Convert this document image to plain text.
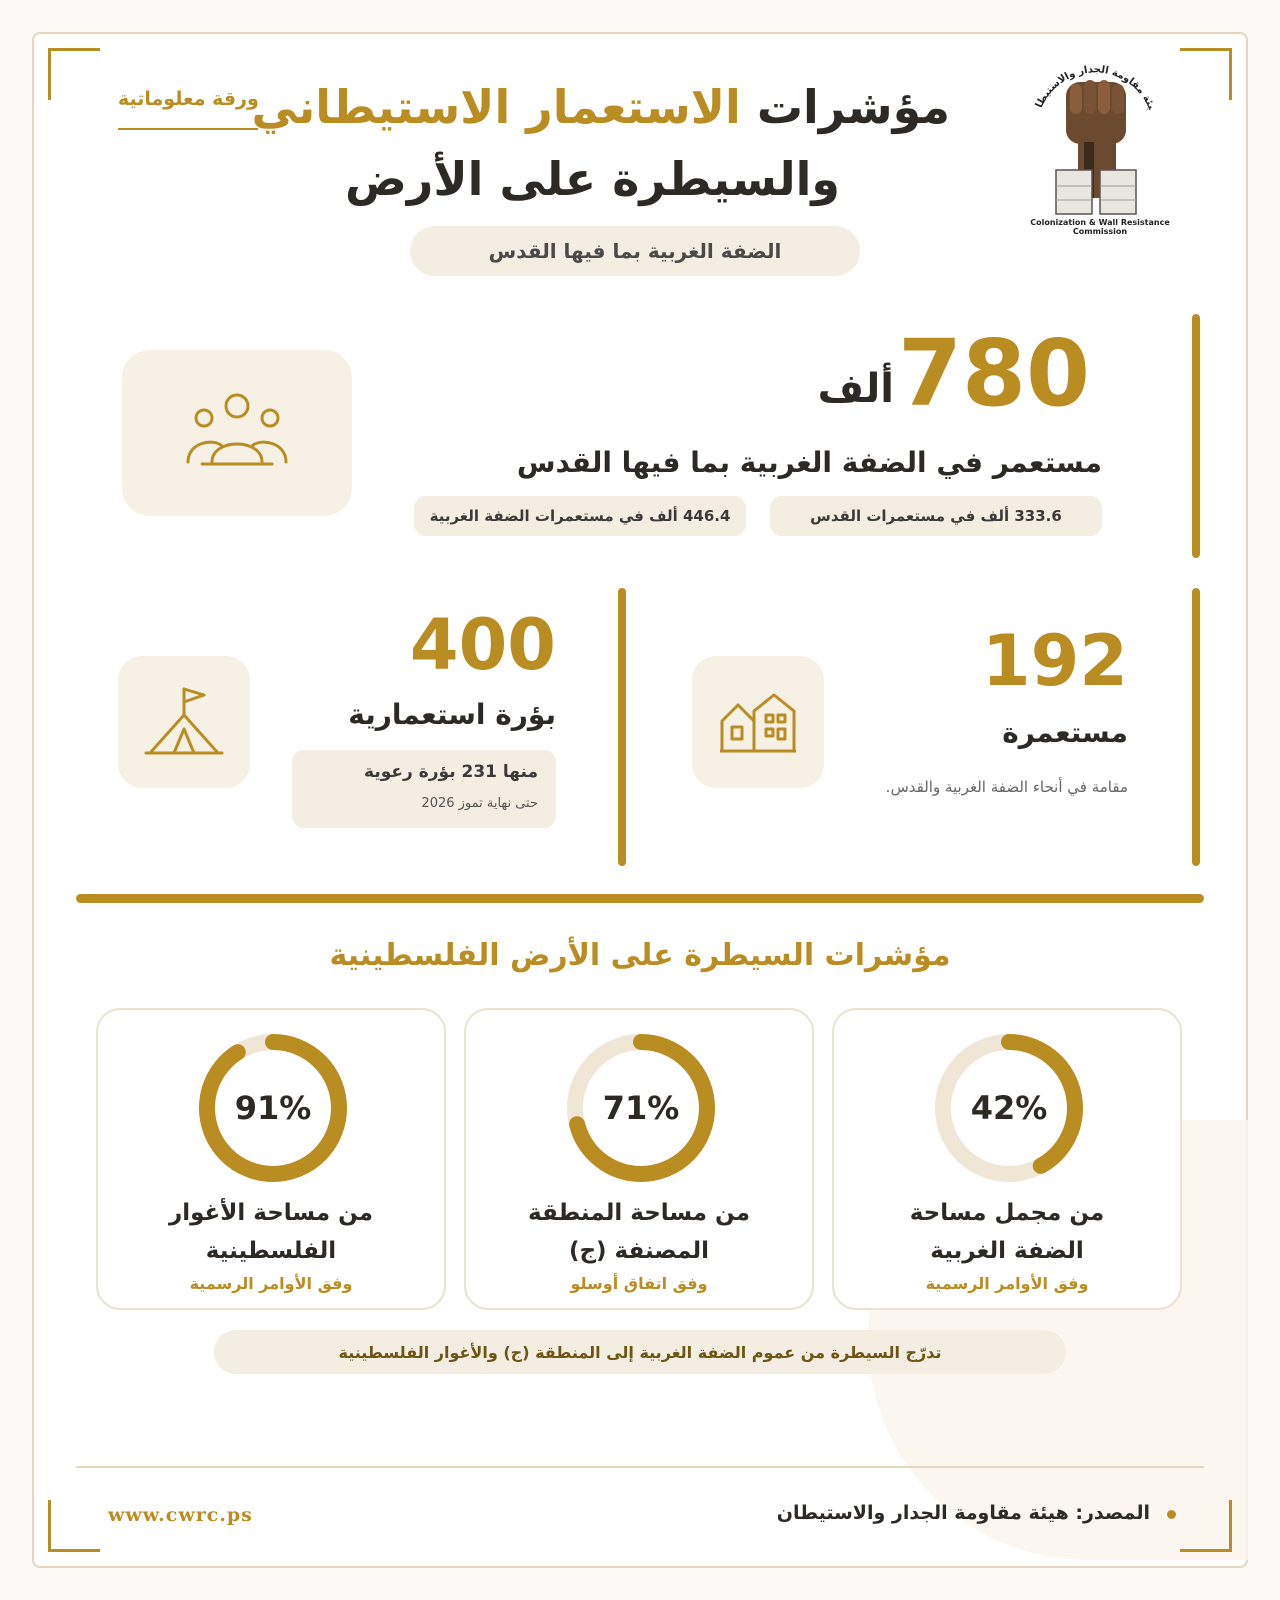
يئة مقاومة الجدار والاستيطان
Colonization & Wall Resistance Commission
ورقة معلوماتية	مؤشرات الاستعمار الاستيطاني
والسيطرة على الأرض
الضفة الغربية بما فيها القدس
780
ألف
مستعمر في الضفة الغربية بما فيها القدس
333.6 ألف في مستعمرات القدس
446.4 ألف في مستعمرات الضفة الغربية
192
مستعمرة
مقامة في أنحاء الضفة الغربية والقدس.
400
بؤرة استعمارية
منها 231 بؤرة رعوية
حتى نهاية تموز 2026
مؤشرات السيطرة على الأرض الفلسطينية
42%
من مجمل مساحة
الضفة الغربية
وفق الأوامر الرسمية
71%
من مساحة المنطقة
المصنفة (ج)
وفق اتفاق أوسلو
91%
من مساحة الأغوار
الفلسطينية
وفق الأوامر الرسمية
تدرّج السيطرة من عموم الضفة الغربية إلى المنطقة (ج) والأغوار الفلسطينية
المصدر: هيئة مقاومة الجدار والاستيطان
www.cwrc.ps
